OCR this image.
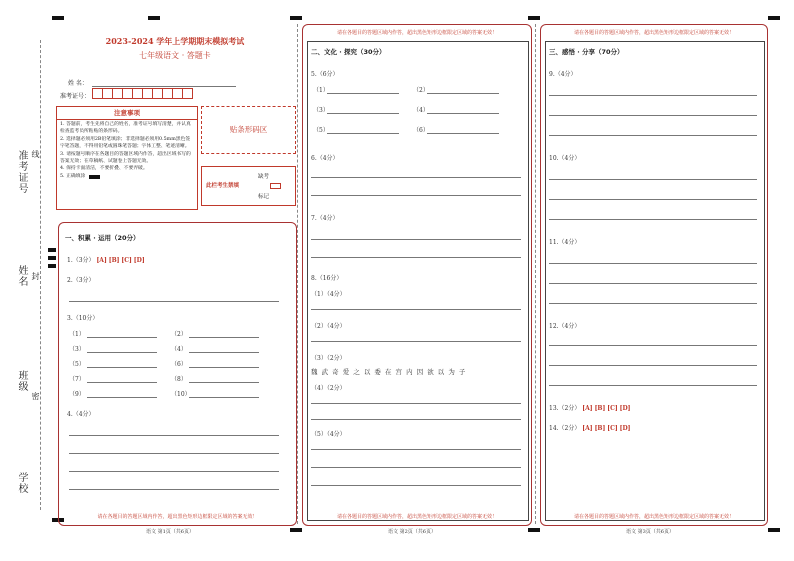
准考证号
姓名
班级
学校
线
封
密
2023-2024 学年上学期期末模拟考试
七年级语文 · 答题卡
姓 名：
准考证号：
注意事项
1. 答题前，考生先将自己的姓名，准考证号填写清楚，并认真检查监考员所粘贴的条形码。
2. 选择题必须用2B铅笔填涂；非选择题必须用0.5mm黑色签字笔答题，不得用铅笔或圆珠笔答题；字体工整、笔迹清晰。
3. 请按题号顺序在各题目的答题区域内作答，超出区域书写的答案无效；在草稿纸、试题卷上答题无效。
4. 保持卡面清洁，不要折叠、不要弄破。
5. 正确填涂
贴条形码区
此栏考生禁填
缺考
标记
一、积累 · 运用（20分）
1.（3分） [A] [B] [C] [D]
2.（3分）
3.（10分）
（1）	（2）
（3）	（4）
（5）	（6）
（7）	（8）
（9）	（10）
4.（4分）
请在各题目的答题区域内作答，超出黑色矩形边框限定区域的答案无效！
请在各题目的答题区域内作答，超出黑色矩形边框限定区域的答案无效！
二、文化 · 探究（30分）
5.（6分）
（1）	（2）
（3）	（4）
（5）	（6）
6.（4分）
7.（4分）
8.（16分）
（1）（4分）
（2）（4分）
（3）（2分）
魏 武 奇 爱 之 以 委 在 宫 内 因 欲 以 为 子
（4）（2分）
（5）（4分）
请在各题目的答题区域内作答，超出黑色矩形边框限定区域的答案无效！
请在各题目的答题区域内作答，超出黑色矩形边框限定区域的答案无效！
三、感悟 · 分享（70分）
9.（4分）
10.（4分）
11.（4分）
12.（4分）
13.（2分） [A] [B] [C] [D]
14.（2分） [A] [B] [C] [D]
请在各题目的答题区域内作答，超出黑色矩形边框限定区域的答案无效！
语文 第1页（共6页）	语文 第2页（共6页）	语文 第3页（共6页）
